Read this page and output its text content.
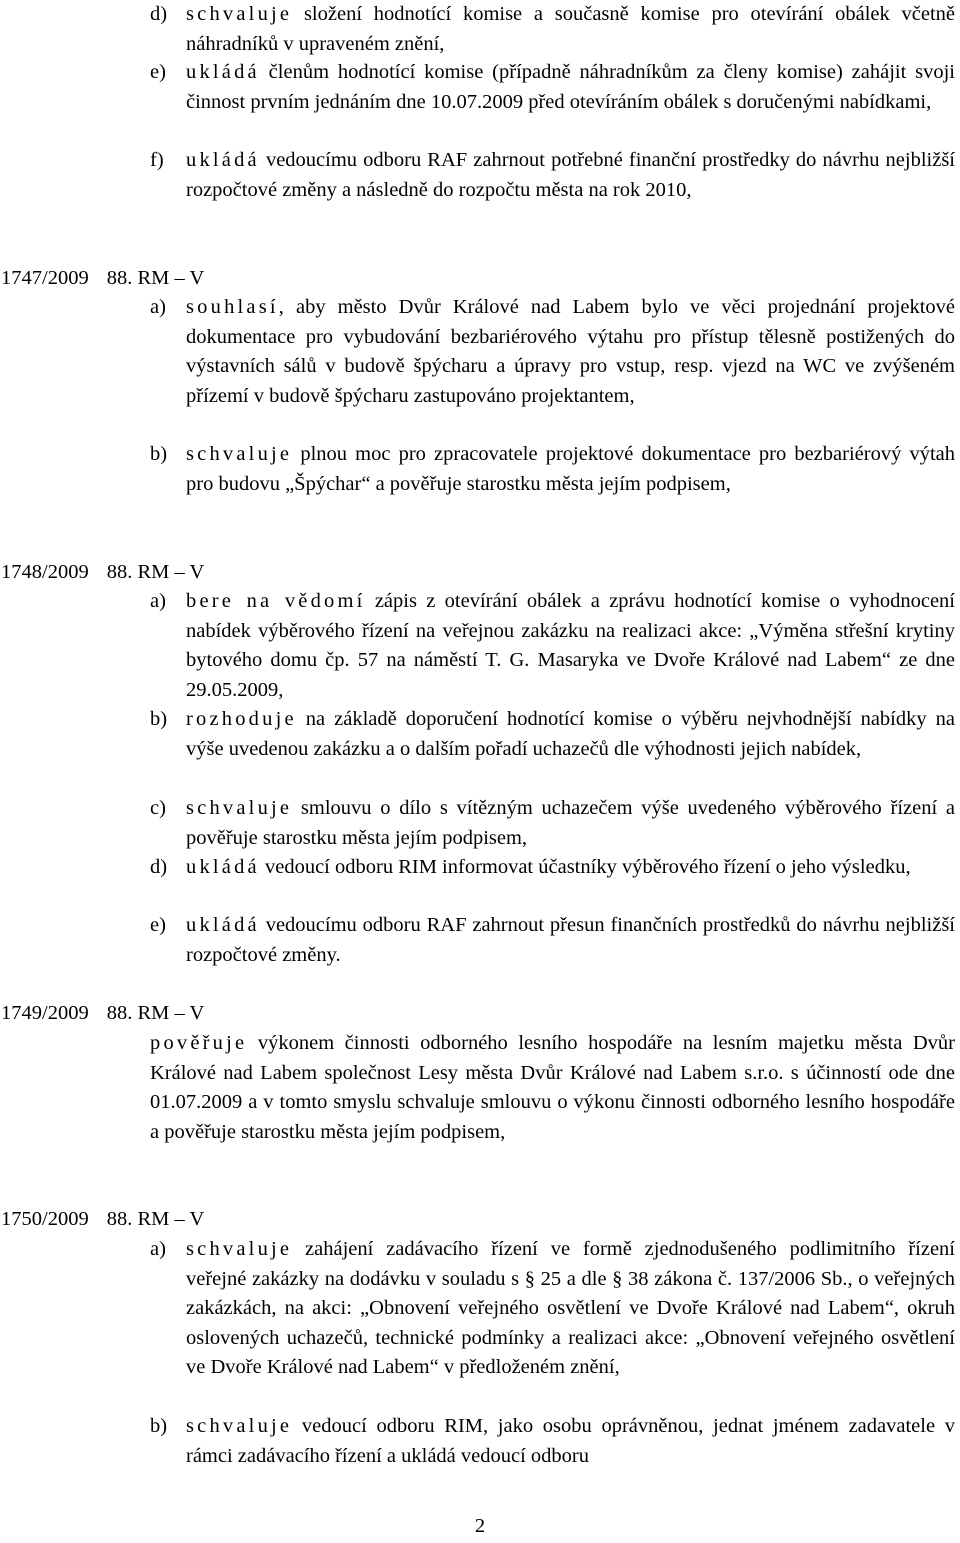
d) schvaluje složení hodnotící komise a současně komise pro otevírání obálek včetně náhradníků v upraveném znění,
e) ukládá členům hodnotící komise (případně náhradníkům za členy komise) zahájit svoji činnost prvním jednáním dne 10.07.2009 před otevíráním obálek s doručenými nabídkami,
f) ukládá vedoucímu odboru RAF zahrnout potřebné finanční prostředky do návrhu nejbližší rozpočtové změny a následně do rozpočtu města na rok 2010,
1747/2009 88. RM – V
a) souhlasí, aby město Dvůr Králové nad Labem bylo ve věci projednání projektové dokumentace pro vybudování bezbariérového výtahu pro přístup tělesně postižených do výstavních sálů v budově špýcharu a úpravy pro vstup, resp. vjezd na WC ve zvýšeném přízemí v budově špýcharu zastupováno projektantem,
b) schvaluje plnou moc pro zpracovatele projektové dokumentace pro bezbariérový výtah pro budovu „Špýchar“ a pověřuje starostku města jejím podpisem,
1748/2009 88. RM – V
a) bere na vědomí zápis z otevírání obálek a zprávu hodnotící komise o vyhodnocení nabídek výběrového řízení na veřejnou zakázku na realizaci akce: „Výměna střešní krytiny bytového domu čp. 57 na náměstí T. G. Masaryka ve Dvoře Králové nad Labem“ ze dne 29.05.2009,
b) rozhoduje na základě doporučení hodnotící komise o výběru nejvhodnější nabídky na výše uvedenou zakázku a o dalším pořadí uchazečů dle výhodnosti jejich nabídek,
c) schvaluje smlouvu o dílo s vítězným uchazečem výše uvedeného výběrového řízení a pověřuje starostku města jejím podpisem,
d) ukládá vedoucí odboru RIM informovat účastníky výběrového řízení o jeho výsledku,
e) ukládá vedoucímu odboru RAF zahrnout přesun finančních prostředků do návrhu nejbližší rozpočtové změny.
1749/2009 88. RM – V
pověřuje výkonem činnosti odborného lesního hospodáře na lesním majetku města Dvůr Králové nad Labem společnost Lesy města Dvůr Králové nad Labem s.r.o. s účinností ode dne 01.07.2009 a v tomto smyslu schvaluje smlouvu o výkonu činnosti odborného lesního hospodáře a pověřuje starostku města jejím podpisem,
1750/2009 88. RM – V
a) schvaluje zahájení zadávacího řízení ve formě zjednodušeného podlimitního řízení veřejné zakázky na dodávku v souladu s § 25 a dle § 38 zákona č. 137/2006 Sb., o veřejných zakázkách, na akci: „Obnovení veřejného osvětlení ve Dvoře Králové nad Labem“, okruh oslovených uchazečů, technické podmínky a realizaci akce: „Obnovení veřejného osvětlení ve Dvoře Králové nad Labem“ v předloženém znění,
b) schvaluje vedoucí odboru RIM, jako osobu oprávněnou, jednat jménem zadavatele v rámci zadávacího řízení a ukládá vedoucí odboru
2
